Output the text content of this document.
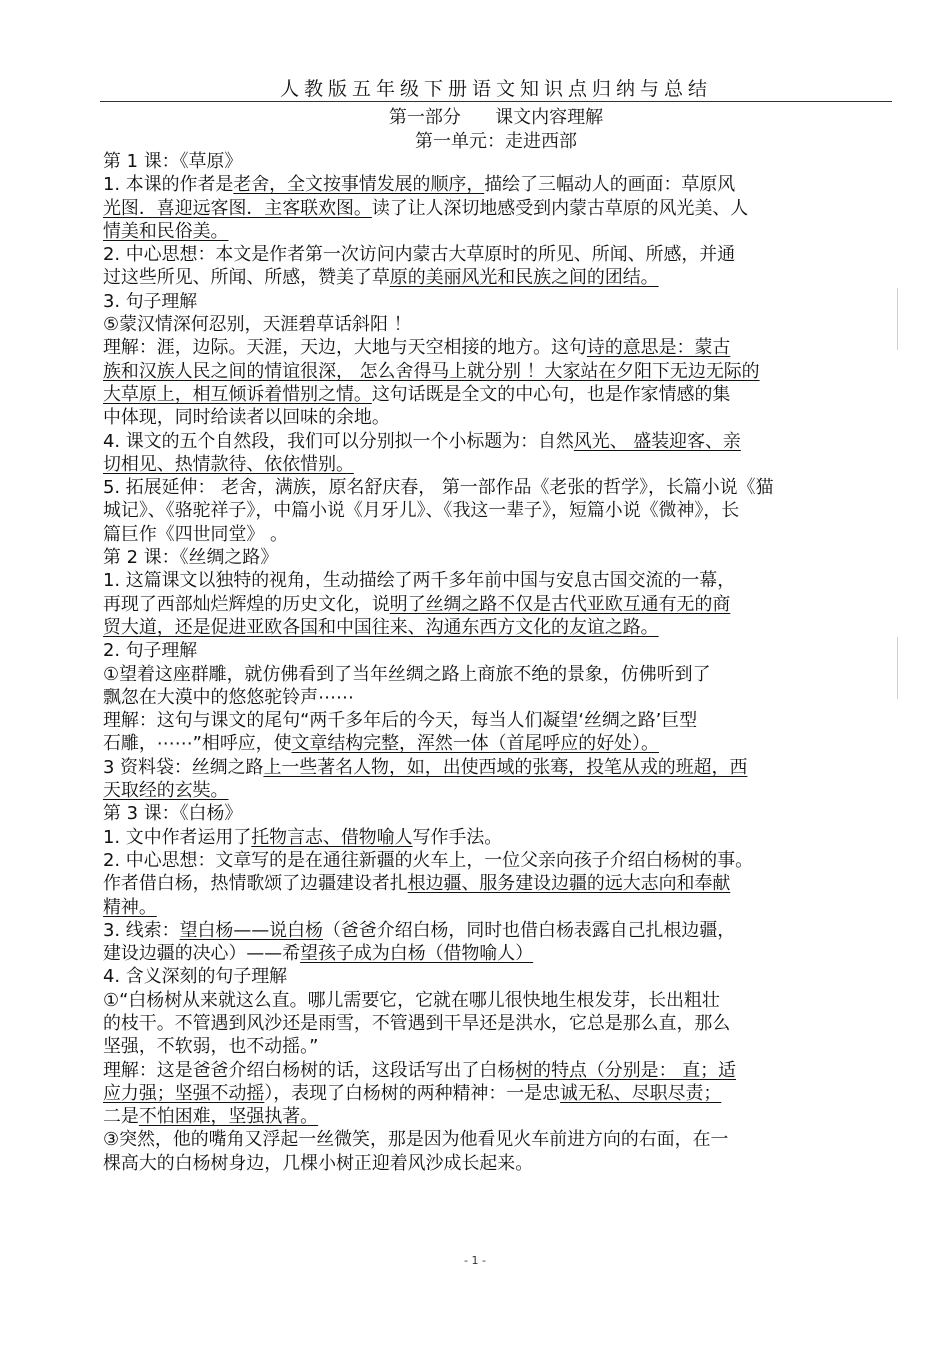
人教版五年级下册语文知识点归纳与总结
第一部分      课文内容理解
第一单元：走进西部
第 1 课：《草原》
1. 本课的作者是老舍，全文按事情发展的顺序，描绘了三幅动人的画面：草原风
光图．喜迎远客图．主客联欢图。读了让人深切地感受到内蒙古草原的风光美、人
情美和民俗美。
2. 中心思想：本文是作者第一次访问内蒙古大草原时的所见、所闻、所感，并通
过这些所见、所闻、所感，赞美了草原的美丽风光和民族之间的团结。
3. 句子理解
⑤蒙汉情深何忍别，天涯碧草话斜阳 ！
理解：涯，边际。天涯，天边，大地与天空相接的地方。这句诗的意思是：蒙古
族和汉族人民之间的情谊很深， 怎么舍得马上就分别 ！大家站在夕阳下无边无际的
大草原上，相互倾诉着惜别之情。这句话既是全文的中心句，也是作家情感的集
中体现，同时给读者以回味的余地。
4. 课文的五个自然段，我们可以分别拟一个小标题为：自然风光、 盛装迎客、亲
切相见、热情款待、依依惜别。
5. 拓展延伸： 老舍，满族，原名舒庆春， 第一部作品《老张的哲学》，长篇小说《猫
城记》、《骆驼祥子》，中篇小说《月牙儿》、《我这一辈子》，短篇小说《微神》，长
篇巨作《四世同堂》 。
第 2 课：《丝绸之路》
1. 这篇课文以独特的视角，生动描绘了两千多年前中国与安息古国交流的一幕，
再现了西部灿烂辉煌的历史文化，说明了丝绸之路不仅是古代亚欧互通有无的商
贸大道，还是促进亚欧各国和中国往来、沟通东西方文化的友谊之路。
2. 句子理解
①望着这座群雕，就仿佛看到了当年丝绸之路上商旅不绝的景象，仿佛听到了
飘忽在大漠中的悠悠驼铃声⋯⋯
理解：这句与课文的尾句“两千多年后的今天，每当人们凝望‘丝绸之路’巨型
石雕，⋯⋯”相呼应，使文章结构完整，浑然一体（首尾呼应的好处）。
3 资料袋：丝绸之路上一些著名人物，如，出使西域的张骞，投笔从戎的班超，西
天取经的玄奘。
第 3 课：《白杨》
1. 文中作者运用了托物言志、借物喻人写作手法。
2. 中心思想：文章写的是在通往新疆的火车上，一位父亲向孩子介绍白杨树的事。
作者借白杨，热情歌颂了边疆建设者扎根边疆、服务建设边疆的远大志向和奉献
精神。
3. 线索：望白杨——说白杨（爸爸介绍白杨，同时也借白杨表露自己扎根边疆，
建设边疆的决心）——希望孩子成为白杨（借物喻人）
4. 含义深刻的句子理解
①“白杨树从来就这么直。哪儿需要它，它就在哪儿很快地生根发芽，长出粗壮
的枝干。不管遇到风沙还是雨雪，不管遇到干旱还是洪水，它总是那么直，那么
坚强，不软弱，也不动摇。”
理解：这是爸爸介绍白杨树的话，这段话写出了白杨树的特点（分别是： 直；适
应力强；坚强不动摇），表现了白杨树的两种精神：一是忠诚无私、尽职尽责；
二是不怕困难，坚强执著。
③突然，他的嘴角又浮起一丝微笑，那是因为他看见火车前进方向的右面，在一
棵高大的白杨树身边，几棵小树正迎着风沙成长起来。
- 1 -
